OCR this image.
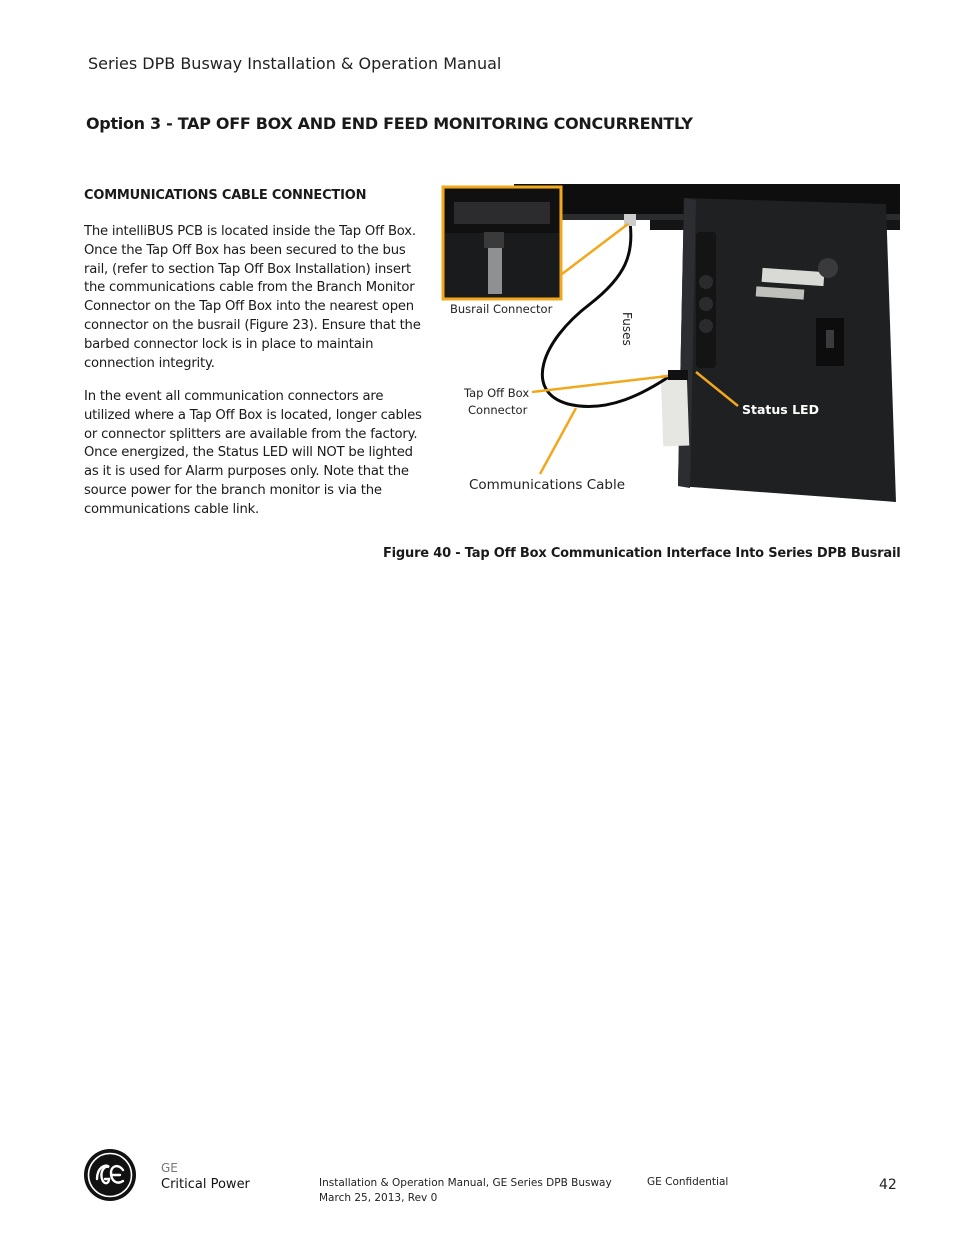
Series DPB Busway Installation & Operation Manual
Option 3 - TAP OFF BOX AND END FEED MONITORING CONCURRENTLY
COMMUNICATIONS CABLE CONNECTION
The intelliBUS PCB is located inside the Tap Off Box. Once the Tap Off Box has been secured to the bus rail, (refer to section Tap Off Box Installation) insert the communications cable from the Branch Monitor Connector on the Tap Off Box into the nearest open connector on the busrail (Figure 23). Ensure that the barbed connector lock is in place to maintain connection integrity.
In the event all communication connectors are utilized where a Tap Off Box is located, longer cables or connector splitters are available from the factory. Once energized, the Status LED will NOT be lighted as it is used for Alarm purposes only. Note that the source power for the branch monitor is via the communications cable link.
Busrail Connector
Fuses
Tap Off Box
Connector	Status LED
Communications Cable
Figure 40 - Tap Off Box Communication Interface Into Series DPB Busrail
GE
Critical Power	Installation & Operation Manual, GE Series DPB Busway
March 25, 2013, Rev 0
GE Confidential	42
